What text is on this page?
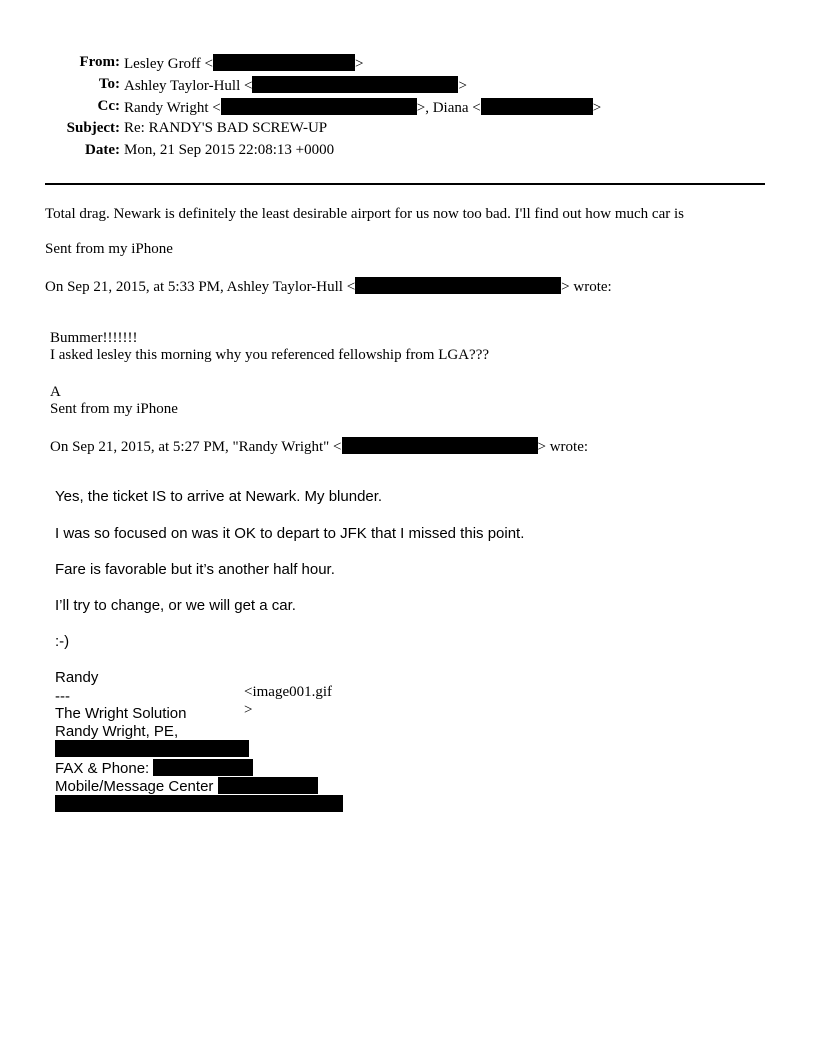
From: Lesley Groff <	>
To: Ashley Taylor-Hull <	>
Cc: Randy Wright <	>, Diana <	>
Subject: Re: RANDY'S BAD SCREW-UP
Date: Mon, 21 Sep 2015 22:08:13 +0000
Total drag. Newark is definitely the least desirable airport for us now too bad. I'll find out how much car is
Sent from my iPhone
On Sep 21, 2015, at 5:33 PM, Ashley Taylor-Hull <	> wrote:
Bummer!!!!!!!
I asked lesley this morning why you referenced fellowship from LGA???
A
Sent from my iPhone
On Sep 21, 2015, at 5:27 PM, "Randy Wright" <	> wrote:
Yes, the ticket IS to arrive at Newark. My blunder.
I was so focused on was it OK to depart to JFK that I missed this point.
Fare is favorable but it’s another half hour.
I’ll try to change, or we will get a car.
:-)
Randy
---
The Wright Solution
Randy Wright, PE,
FAX & Phone:
Mobile/Message Center
<image001.gif
>
